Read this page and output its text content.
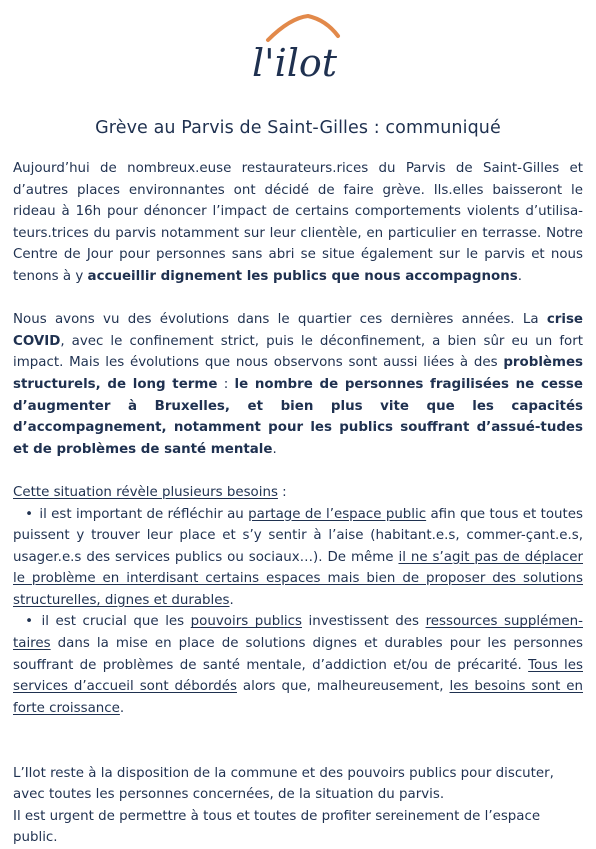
l'ilot
Grève au Parvis de Saint-Gilles : communiqué

Aujourd’hui de nombreux.euse restaurateurs.rices du Parvis de Saint-Gilles et d’autres places environnantes ont décidé de faire grève. Ils.elles baisseront le rideau à 16h pour dénoncer l’impact de certains comportements violents d’utilisa-teurs.trices du parvis notamment sur leur clientèle, en particulier en terrasse. Notre Centre de Jour pour personnes sans abri se situe également sur le parvis et nous tenons à y accueillir dignement les publics que nous accompagnons.

Nous avons vu des évolutions dans le quartier ces dernières années. La crise COVID, avec le confinement strict, puis le déconfinement, a bien sûr eu un fort impact. Mais les évolutions que nous observons sont aussi liées à des problèmes structurels, de long terme : le nombre de personnes fragilisées ne cesse d’augmenter à Bruxelles, et bien plus vite que les capacités d’accompagnement, notamment pour les publics souffrant d’assué-tudes et de problèmes de santé mentale.

Cette situation révèle plusieurs besoins :

• il est important de réfléchir au partage de l’espace public afin que tous et toutes puissent y trouver leur place et s’y sentir à l’aise (habitant.e.s, commer-çant.e.s, usager.e.s des services publics ou sociaux…). De même il ne s’agit pas de déplacer le problème en interdisant certains espaces mais bien de proposer des solutions structurelles, dignes et durables.

• il est crucial que les pouvoirs publics investissent des ressources supplémen-taires dans la mise en place de solutions dignes et durables pour les personnes souffrant de problèmes de santé mentale, d’addiction et/ou de précarité. Tous les services d’accueil sont débordés alors que, malheureusement, les besoins sont en forte croissance.

L’Ilot reste à la disposition de la commune et des pouvoirs publics pour discuter, avec toutes les personnes concernées, de la situation du parvis.

Il est urgent de permettre à tous et toutes de profiter sereinement de l’espace public.
